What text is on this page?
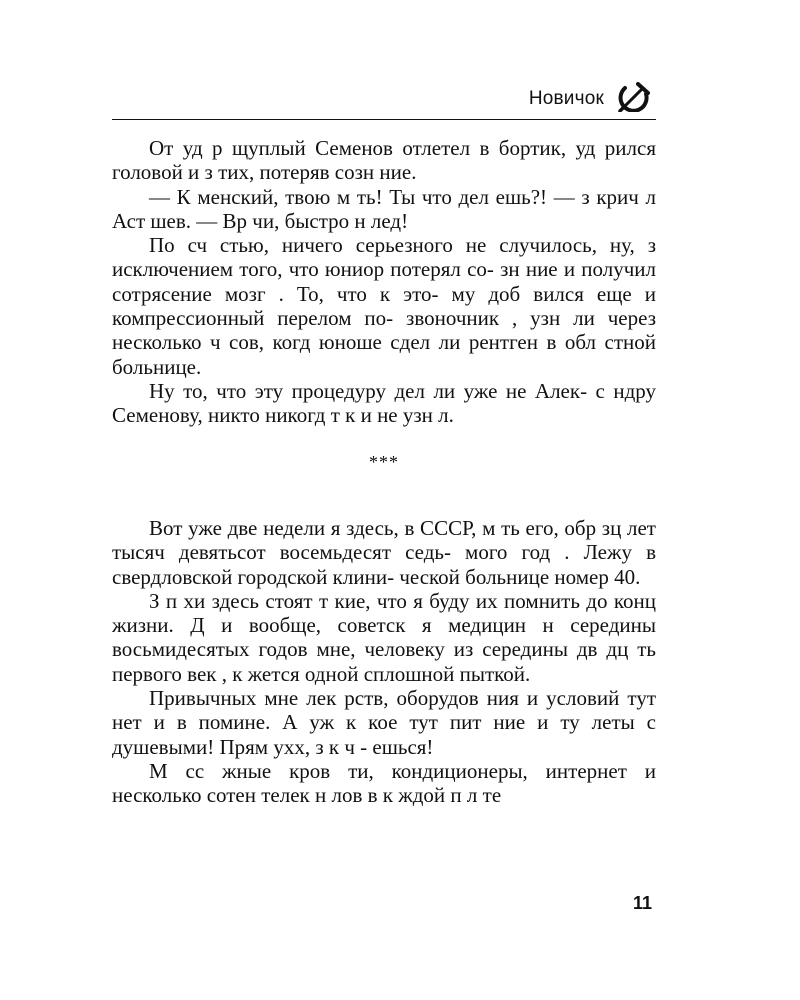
Новичок

От уд р щуплый Семенов отлетел в бортик, уд рился головой и з тих, потеряв созн ние.

— К менский, твою м ть! Ты что дел ешь?! — з крич л Аст шев. — Вр чи, быстро н лед!

По сч стью, ничего серьезного не случилось, ну, з исключением того, что юниор потерял со- зн ние и получил сотрясение мозг . То, что к это- му доб вился еще и компрессионный перелом по- звоночник , узн ли через несколько ч сов, когд юноше сдел ли рентген в обл стной больнице.

Ну то, что эту процедуру дел ли уже не Алек- с ндру Семенову, никто никогд т к и не узн л.

***

Вот уже две недели я здесь, в СССР, м ть его, обр зц лет тысяч девятьсот восемьдесят седь- мого год . Лежу в свердловской городской клини- ческой больнице номер 40.

З п хи здесь стоят т кие, что я буду их помнить до конц жизни. Д и вообще, советск я медицин н середины восьмидесятых годов мне, человеку из середины дв дц ть первого век , к жется одной сплошной пыткой.

Привычных мне лек рств, оборудов ния и условий тут нет и в помине. А уж к кое тут пит ние и ту леты с душевыми! Прям ухх, з к ч - ешься!

М сс жные кров ти, кондиционеры, интернет и несколько сотен телек н лов в к ждой п л те

11
